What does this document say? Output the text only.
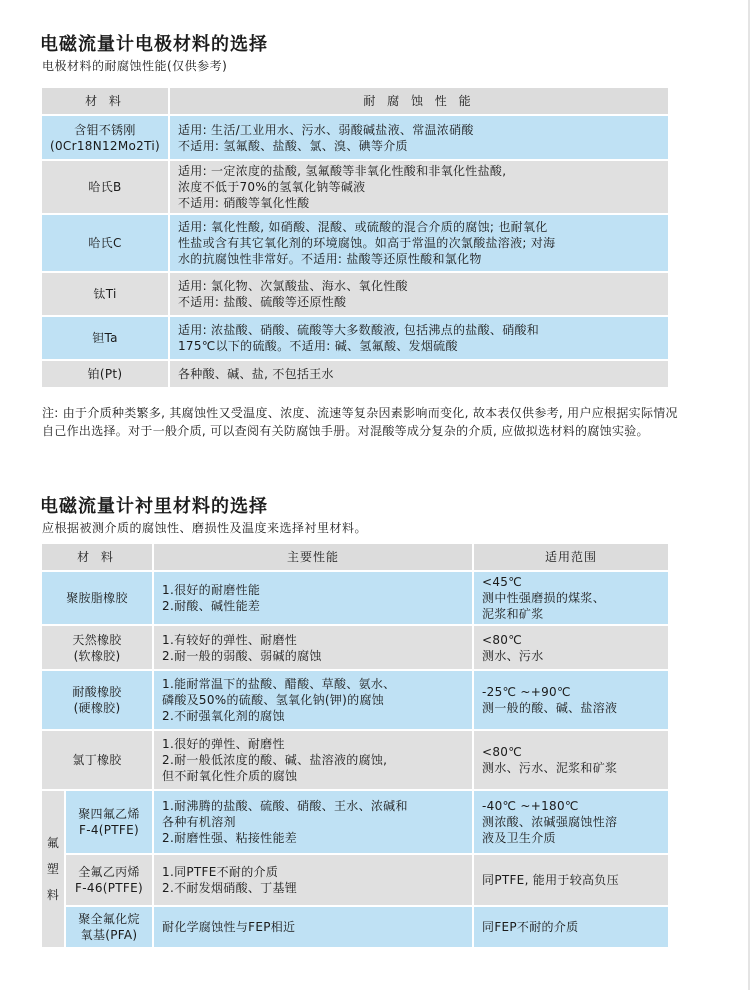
电磁流量计电极材料的选择
电极材料的耐腐蚀性能(仅供参考)
材 料	耐 腐 蚀 性 能

含钼不锈刚
(0Cr18N12Mo2Ti)	适用: 生活/工业用水、污水、弱酸碱盐液、常温浓硝酸
不适用: 氢氟酸、盐酸、氯、溴、碘等介质

哈氏B	适用: 一定浓度的盐酸, 氢氟酸等非氧化性酸和非氧化性盐酸,
浓度不低于70%的氢氧化钠等碱液
不适用: 硝酸等氧化性酸

哈氏C	适用: 氧化性酸, 如硝酸、混酸、或硫酸的混合介质的腐蚀; 也耐氧化
性盐或含有其它氧化剂的环境腐蚀。如高于常温的次氯酸盐溶液; 对海
水的抗腐蚀性非常好。不适用: 盐酸等还原性酸和氯化物

钛Ti	适用: 氯化物、次氯酸盐、海水、氧化性酸
不适用: 盐酸、硫酸等还原性酸

钽Ta	适用: 浓盐酸、硝酸、硫酸等大多数酸液, 包括沸点的盐酸、硝酸和
175℃以下的硫酸。不适用: 碱、氢氟酸、发烟硫酸

铂(Pt)	各种酸、碱、盐, 不包括王水
注: 由于介质种类繁多, 其腐蚀性又受温度、浓度、流速等复杂因素影响而变化, 故本表仅供参考, 用户应根据实际情况自己作出选择。对于一般介质, 可以查阅有关防腐蚀手册。对混酸等成分复杂的介质, 应做拟选材料的腐蚀实验。
电磁流量计衬里材料的选择
应根据被测介质的腐蚀性、磨损性及温度来选择衬里材料。
材 料		主要性能	适用范围

聚胺脂橡胶		1.很好的耐磨性能
2.耐酸、碱性能差	<45℃
测中性强磨损的煤浆、
泥浆和矿浆

天然橡胶
(软橡胶)		1.有较好的弹性、耐磨性
2.耐一般的弱酸、弱碱的腐蚀	<80℃
测水、污水

耐酸橡胶
(硬橡胶)		1.能耐常温下的盐酸、醋酸、草酸、氨水、
磷酸及50%的硫酸、氢氧化钠(钾)的腐蚀
2.不耐强氧化剂的腐蚀	-25℃ ~+90℃
测一般的酸、碱、盐溶液

氯丁橡胶		1.很好的弹性、耐磨性
2.耐一般低浓度的酸、碱、盐溶液的腐蚀,
但不耐氧化性介质的腐蚀	<80℃
测水、污水、泥浆和矿浆

氟
塑
料	聚四氟乙烯
F-4(PTFE)	1.耐沸腾的盐酸、硫酸、硝酸、王水、浓碱和
各种有机溶剂
2.耐磨性强、粘接性能差	-40℃ ~+180℃
测浓酸、浓碱强腐蚀性溶
液及卫生介质

	全氟乙丙烯
F-46(PTFE)	1.同PTFE不耐的介质
2.不耐发烟硝酸、丁基锂	同PTFE, 能用于较高负压

	聚全氟化烷
氧基(PFA)	耐化学腐蚀性与FEP相近	同FEP不耐的介质
